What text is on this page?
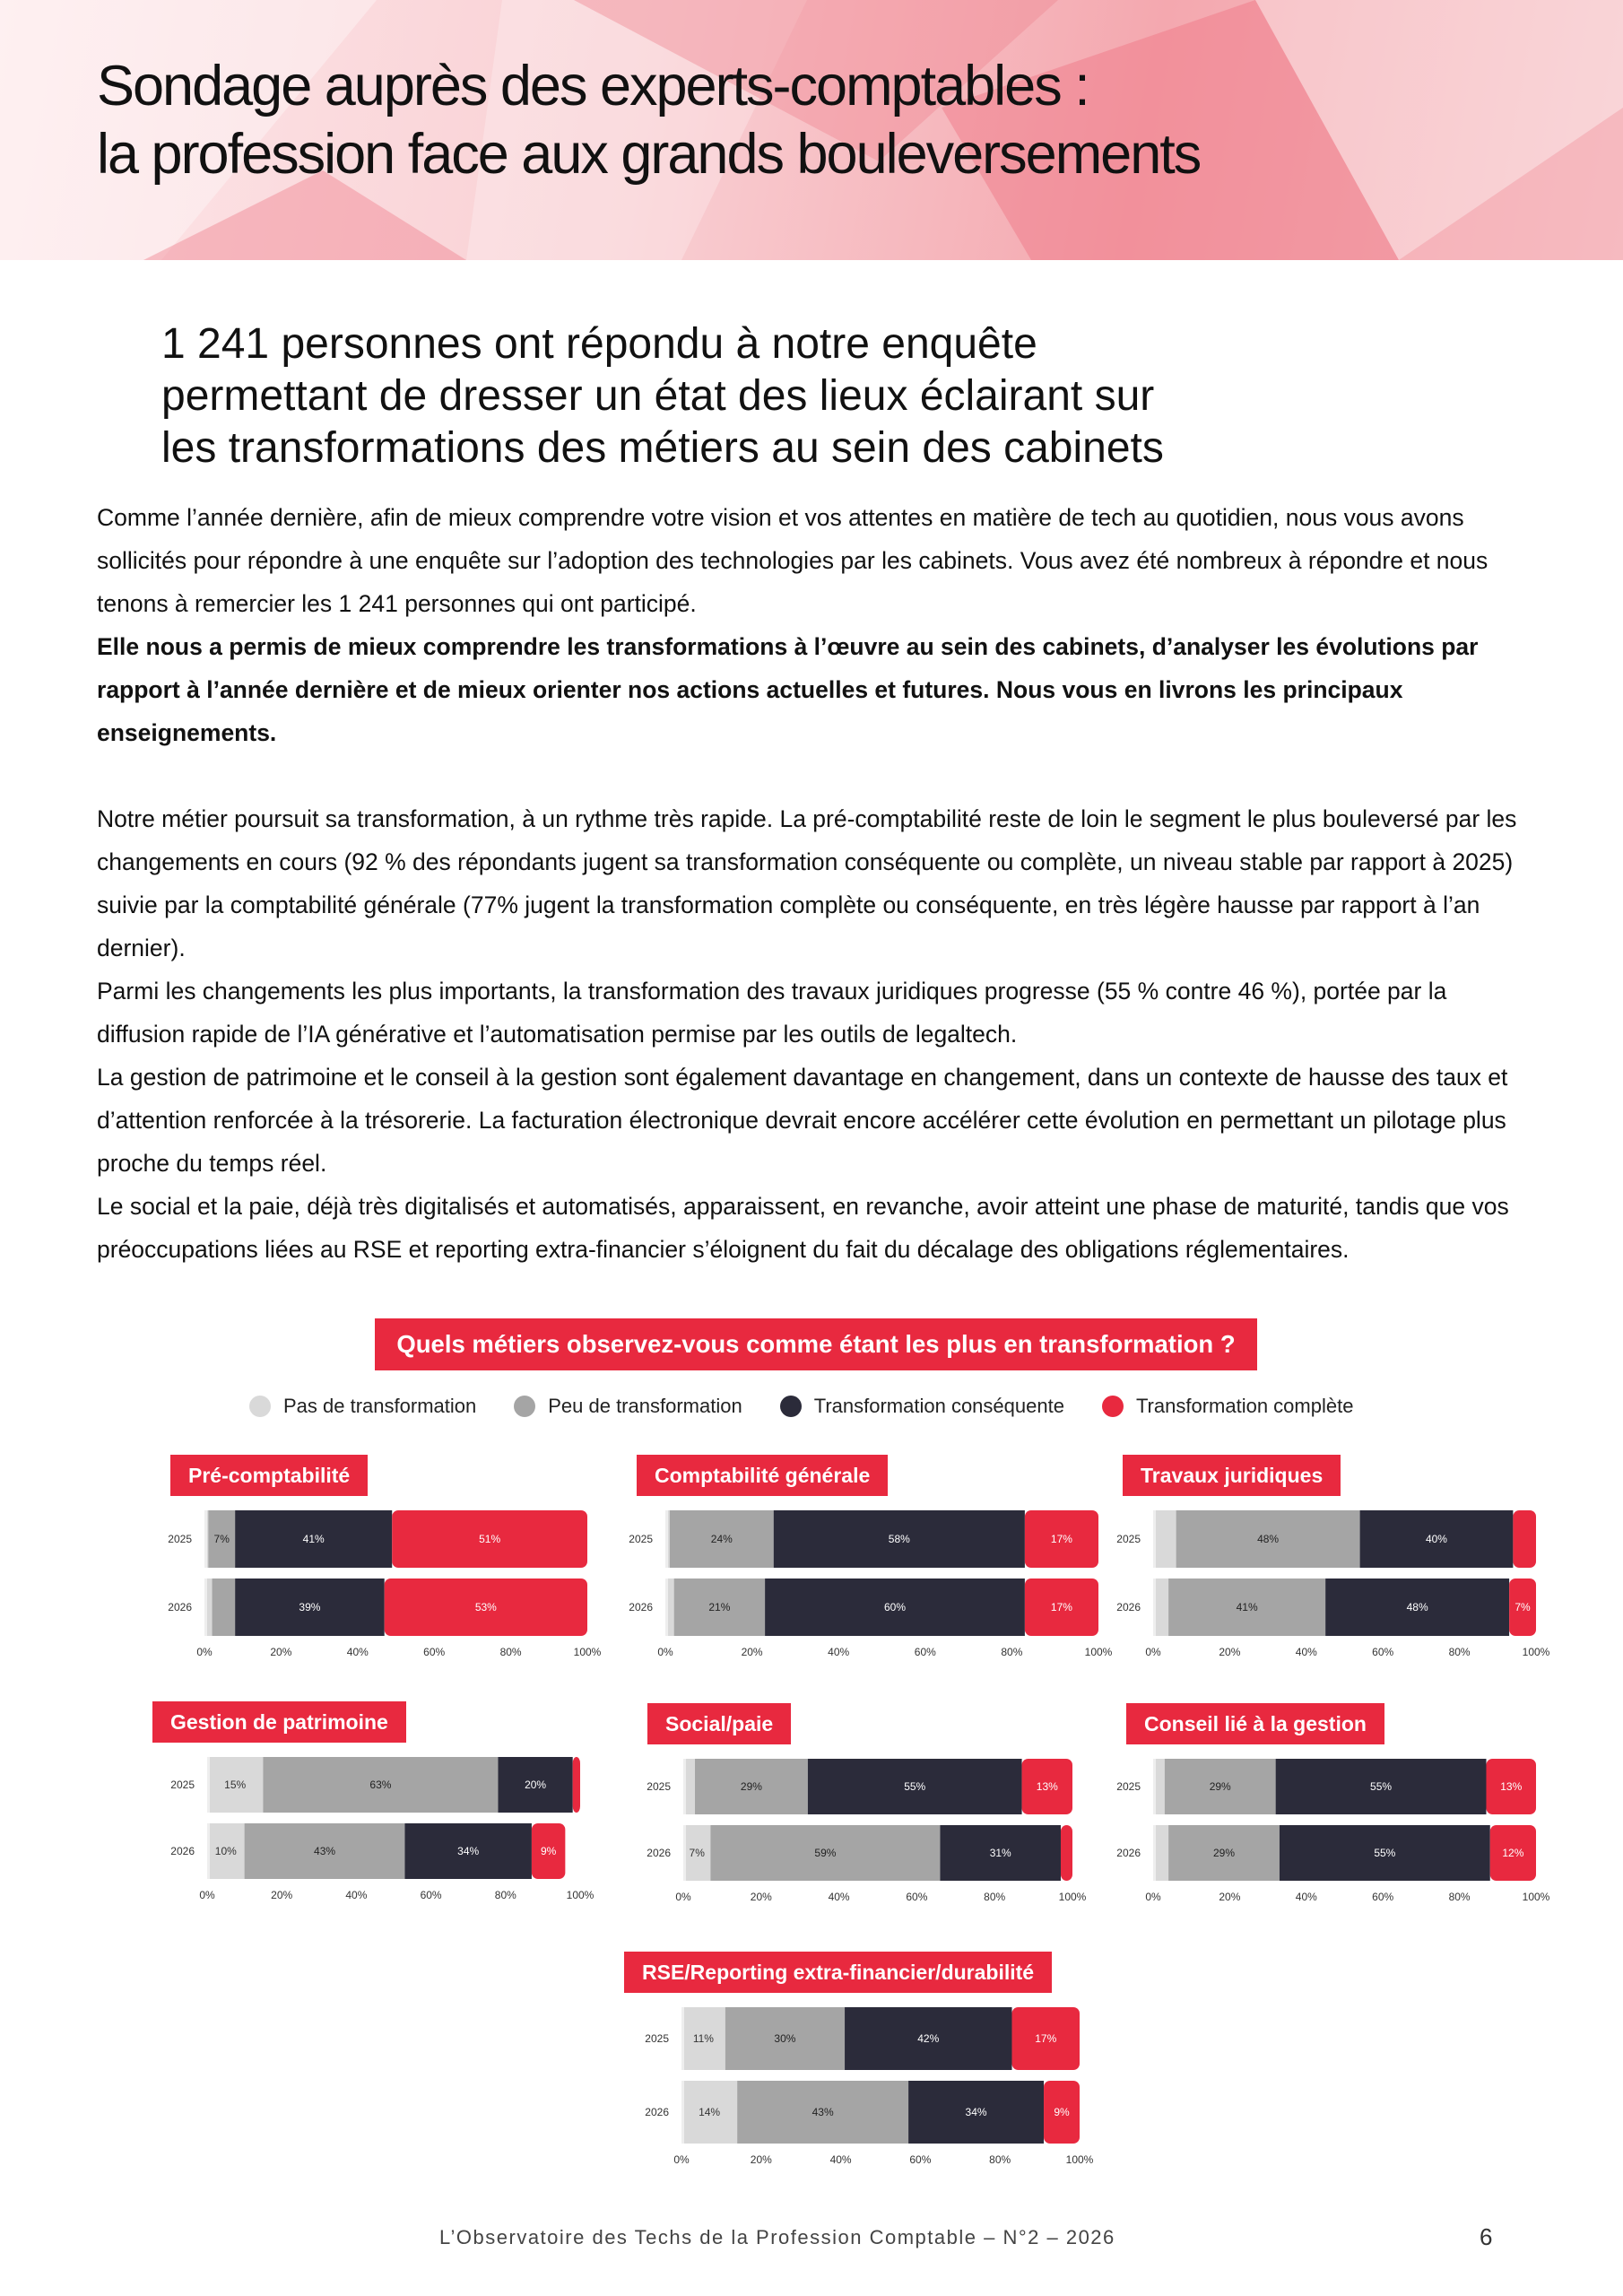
Sondage auprès des experts-comptables :
la profession face aux grands bouleversements
1 241 personnes ont répondu à notre enquête
permettant de dresser un état des lieux éclairant sur
les transformations des métiers au sein des cabinets

Comme l’année dernière, afin de mieux comprendre votre vision et vos attentes en matière de tech au quotidien, nous vous avons sollicités pour répondre à une enquête sur l’adoption des technologies par les cabinets. Vous avez été nombreux à répondre et nous tenons à remercier les 1 241 personnes qui ont participé.

Elle nous a permis de mieux comprendre les transformations à l’œuvre au sein des cabinets, d’analyser les évolutions par rapport à l’année dernière et de mieux orienter nos actions actuelles et futures. Nous vous en livrons les principaux enseignements.

Notre métier poursuit sa transformation, à un rythme très rapide. La pré-comptabilité reste de loin le segment le plus bouleversé par les changements en cours (92 % des répondants jugent sa transformation conséquente ou complète, un niveau stable par rapport à 2025) suivie par la comptabilité générale (77% jugent la transformation complète ou conséquente, en très légère hausse par rapport à l’an dernier).

Parmi les changements les plus importants, la transformation des travaux juridiques progresse (55 % contre 46 %), portée par la diffusion rapide de l’IA générative et l’automatisation permise par les outils de legaltech.

La gestion de patrimoine et le conseil à la gestion sont également davantage en changement, dans un contexte de hausse des taux et d’attention renforcée à la trésorerie. La facturation électronique devrait encore accélérer cette évolution en permettant un pilotage plus proche du temps réel.

Le social et la paie, déjà très digitalisés et automatisés, apparaissent, en revanche, avoir atteint une phase de maturité, tandis que vos préoccupations liées au RSE et reporting extra-financier s’éloignent du fait du décalage des obligations réglementaires.

Quels métiers observez-vous comme étant les plus en transformation ?
Pas de transformation	Peu de transformation	Transformation conséquente	Transformation complète
Pré-comptabilité
2025 7%	41%	51%
2026	39%	53%
0%	20%	40%	60%	80%	100%
Comptabilité générale
2025	24%	58%	17%
2026	21%	60%	17%
0%	20%	40%	60%	80%	100%
Travaux juridiques
2025	48%	40%
2026	41%	48%	7%
0%	20%	40%	60%	80%	100%
Gestion de patrimoine
2025	15%	63%	20%
2026 10%	43%	34%	9%
0%	20%	40%	60%	80%	100%
Social/paie
2025	29%	55%	13%
2026 7%	59%	31%
0%	20%	40%	60%	80%	100%
Conseil lié à la gestion
2025	29%	55%	13%
2026	29%	55%	12%
0%	20%	40%	60%	80%	100%
RSE/Reporting extra-financier/durabilité
2025 11%	30%	42%	17%
2026	14%	43%	34%	9%
0%	20%	40%	60%	80%	100%
L’Observatoire des Techs de la Profession Comptable – N°2 – 2026	6
